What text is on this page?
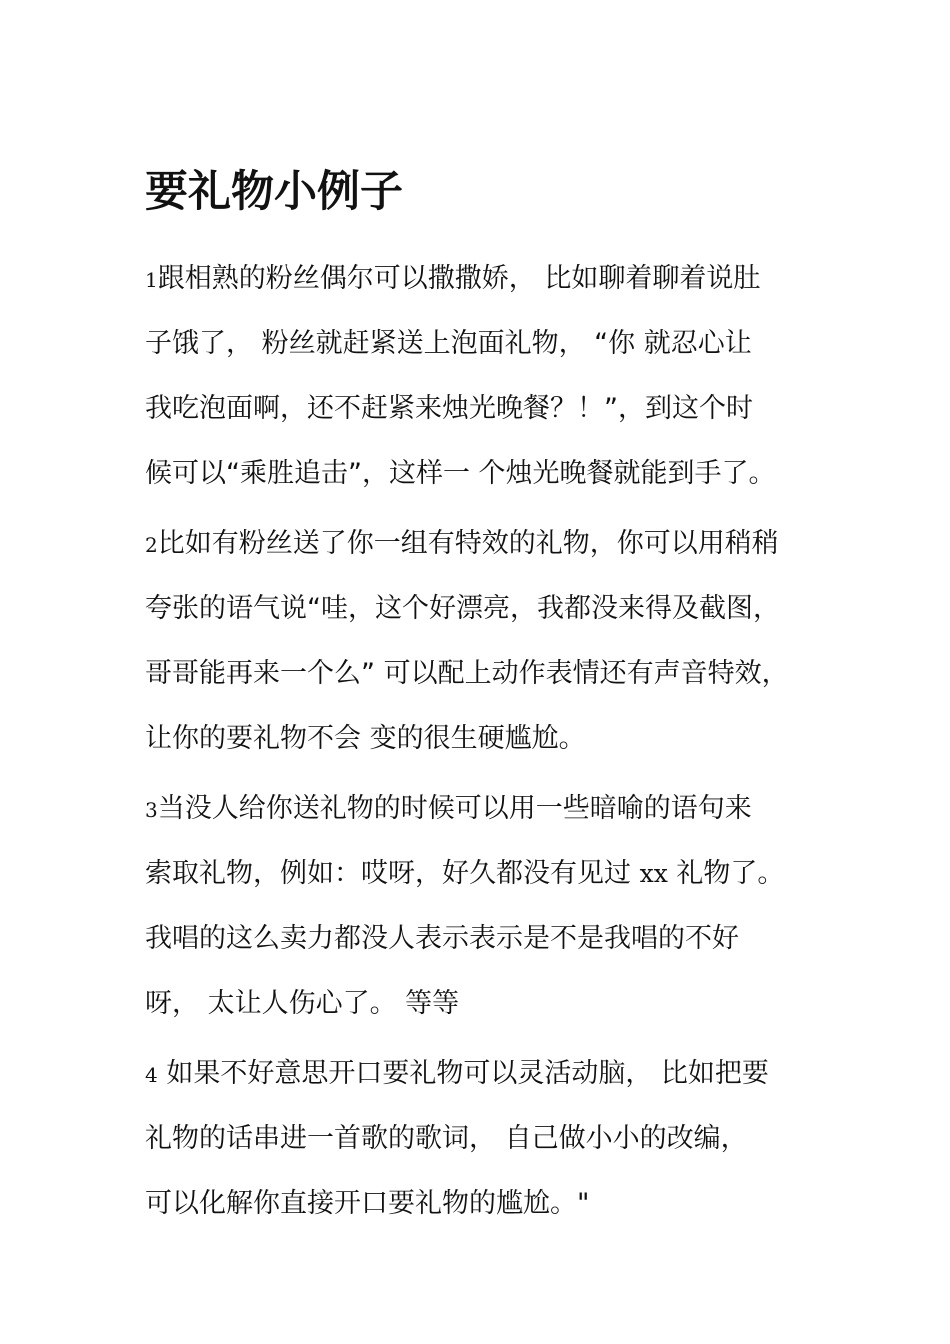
要礼物小例子

1跟相熟的粉丝偶尔可以撒撒娇， 比如聊着聊着说肚

子饿了， 粉丝就赶紧送上泡面礼物， “你 就忍心让

我吃泡面啊，还不赶紧来烛光晚餐？！”，到这个时

候可以“乘胜追击”，这样一 个烛光晚餐就能到手了。

2比如有粉丝送了你一组有特效的礼物，你可以用稍稍

夸张的语气说“哇，这个好漂亮，我都没来得及截图，

哥哥能再来一个么” 可以配上动作表情还有声音特效，

让你的要礼物不会 变的很生硬尴尬。

3当没人给你送礼物的时候可以用一些暗喻的语句来

索取礼物，例如：哎呀，好久都没有见过 xx 礼物了。

我唱的这么卖力都没人表示表示是不是我唱的不好

呀， 太让人伤心了。 等等

4 如果不好意思开口要礼物可以灵活动脑， 比如把要

礼物的话串进一首歌的歌词， 自己做小小的改编，

可以化解你直接开口要礼物的尴尬。"
